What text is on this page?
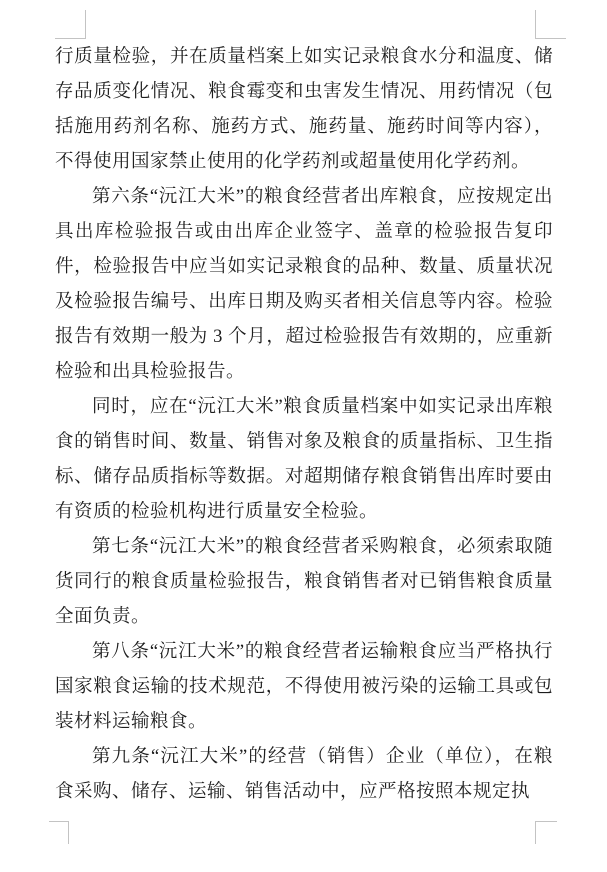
行质量检验，并在质量档案上如实记录粮食水分和温度、储存品质变化情况、粮食霉变和虫害发生情况、用药情况（包括施用药剂名称、施药方式、施药量、施药时间等内容），不得使用国家禁止使用的化学药剂或超量使用化学药剂。

第六条“沅江大米”的粮食经营者出库粮食，应按规定出具出库检验报告或由出库企业签字、盖章的检验报告复印件，检验报告中应当如实记录粮食的品种、数量、质量状况及检验报告编号、出库日期及购买者相关信息等内容。检验报告有效期一般为 3 个月，超过检验报告有效期的，应重新检验和出具检验报告。

同时，应在“沅江大米”粮食质量档案中如实记录出库粮食的销售时间、数量、销售对象及粮食的质量指标、卫生指标、储存品质指标等数据。对超期储存粮食销售出库时要由有资质的检验机构进行质量安全检验。

第七条“沅江大米”的粮食经营者采购粮食，必须索取随货同行的粮食质量检验报告，粮食销售者对已销售粮食质量全面负责。

第八条“沅江大米”的粮食经营者运输粮食应当严格执行国家粮食运输的技术规范，不得使用被污染的运输工具或包装材料运输粮食。

第九条“沅江大米”的经营（销售）企业（单位），在粮食采购、储存、运输、销售活动中，应严格按照本规定执
